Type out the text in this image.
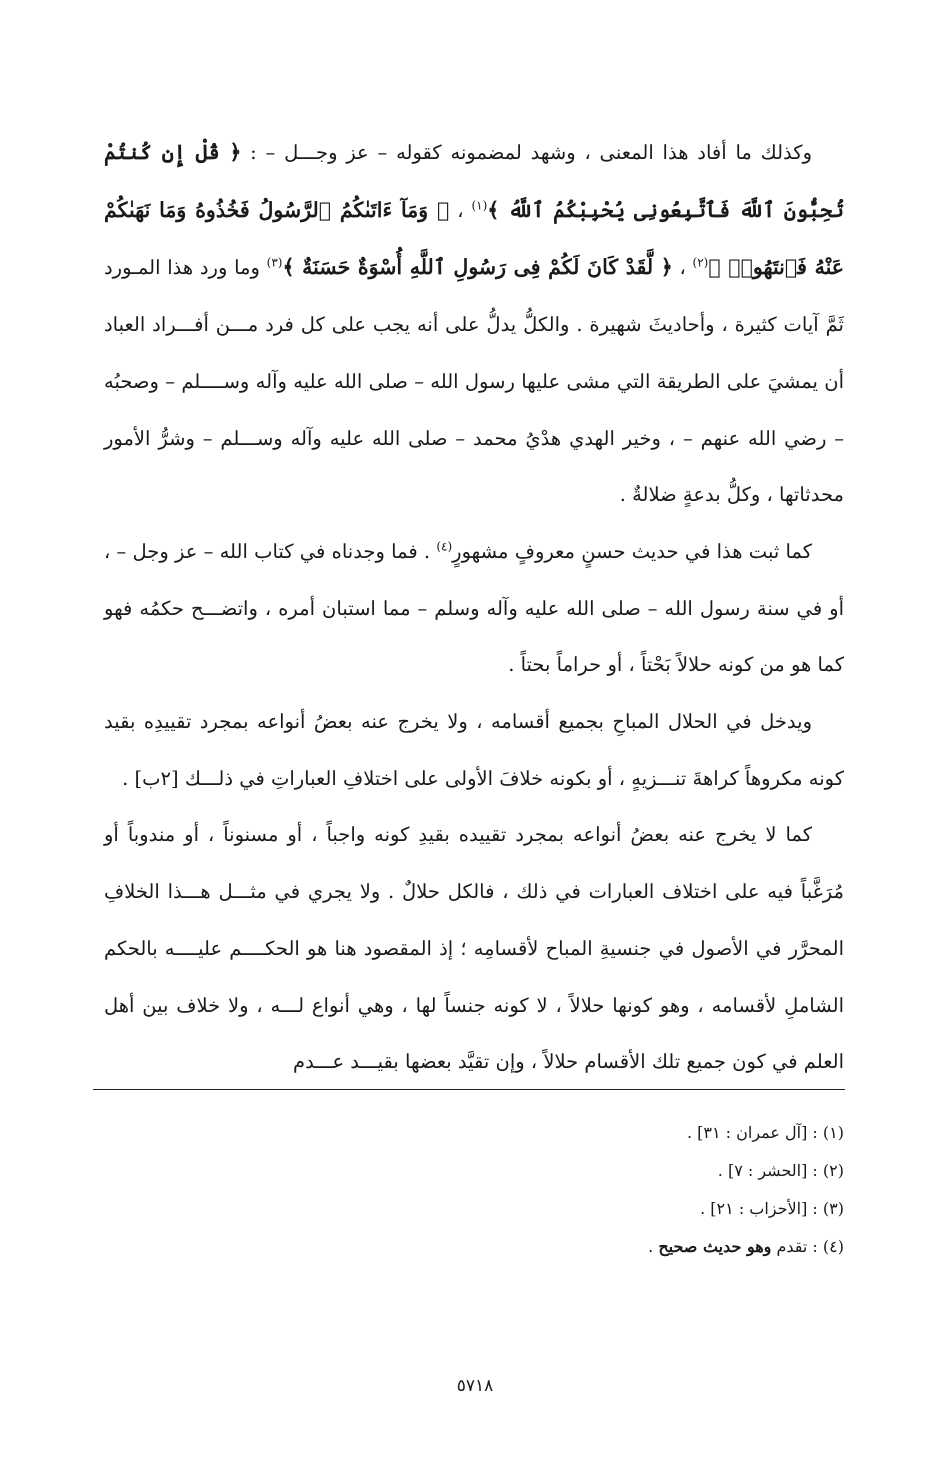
وكذلك ما أفاد هذا المعنى ، وشهد لمضمونه كقوله – عز وجـــل – : ﴿ قُلْ إِن كُنتُمْ تُحِبُّونَ ٱللَّهَ فَٱتَّبِعُونِى يُحْبِبْكُمُ ٱللَّهُ ﴾$^{(١)}$ ، ﴿ وَمَآ ءَاتَىٰكُمُ ٱلرَّسُولُ فَخُذُوهُ وَمَا نَهَىٰكُمْ عَنْهُ فَٱنتَهُوا۟ ﴾$^{(٢)}$ ، ﴿ لَّقَدْ كَانَ لَكُمْ فِى رَسُولِ ٱللَّهِ أُسْوَةٌ حَسَنَةٌ ﴾$^{(٣)}$ وما ورد هذا المـورد ثَمَّ آيات كثيرة ، وأحاديثَ شهيرة . والكلُّ يدلُّ على أنه يجب على كل فرد مـــن أفـــراد العباد أن يمشيَ على الطريقة التي مشى عليها رسول الله – صلى الله عليه وآله وســــلم – وصحبُه – رضي الله عنهم – ، وخير الهدي هدْيُ محمد – صلى الله عليه وآله وســـلم – وشرُّ الأمور محدثاتها ، وكلُّ بدعةٍ ضلالةٌ .

كما ثبت هذا في حديث حسنٍ معروفٍ مشهورٍ$^{(٤)}$ . فما وجدناه في كتاب الله – عز وجل – ، أو في سنة رسول الله – صلى الله عليه وآله وسلم – مما استبان أمره ، واتضـــح حكمُه فهو كما هو من كونه حلالاً بَحْتاً ، أو حراماً بحتاً .

ويدخل في الحلال المباحِ بجميع أقسامه ، ولا يخرج عنه بعضُ أنواعه بمجرد تقييدِه بقيد كونه مكروهاً كراهةَ تنـــزيهٍ ، أو بكونه خلافَ الأولى على اختلافِ العباراتِ في ذلـــك [٢ب] .

كما لا يخرج عنه بعضُ أنواعه بمجرد تقييده بقيدِ كونه واجباً ، أو مسنوناً ، أو مندوباً أو مُرَغَّباً فيه على اختلاف العبارات في ذلك ، فالكل حلالٌ . ولا يجري في مثـــل هـــذا الخلافِ المحرَّر في الأصول في جنسيةِ المباح لأقسامِه ؛ إذ المقصود هنا هو الحكــــم عليــــه بالحكم الشاملِ لأقسامه ، وهو كونها حلالاً ، لا كونه جنساً لها ، وهي أنواع لـــه ، ولا خلاف بين أهل العلم في كون جميع تلك الأقسام حلالاً ، وإن تقيَّد بعضها بقيـــد عـــدم

(١) : [آل عمران : ٣١] .

(٢) : [الحشر : ٧] .

(٣) : [الأحزاب : ٢١] .

(٤) : تقدم وهو حديث صحيح .

٥٧١٨
